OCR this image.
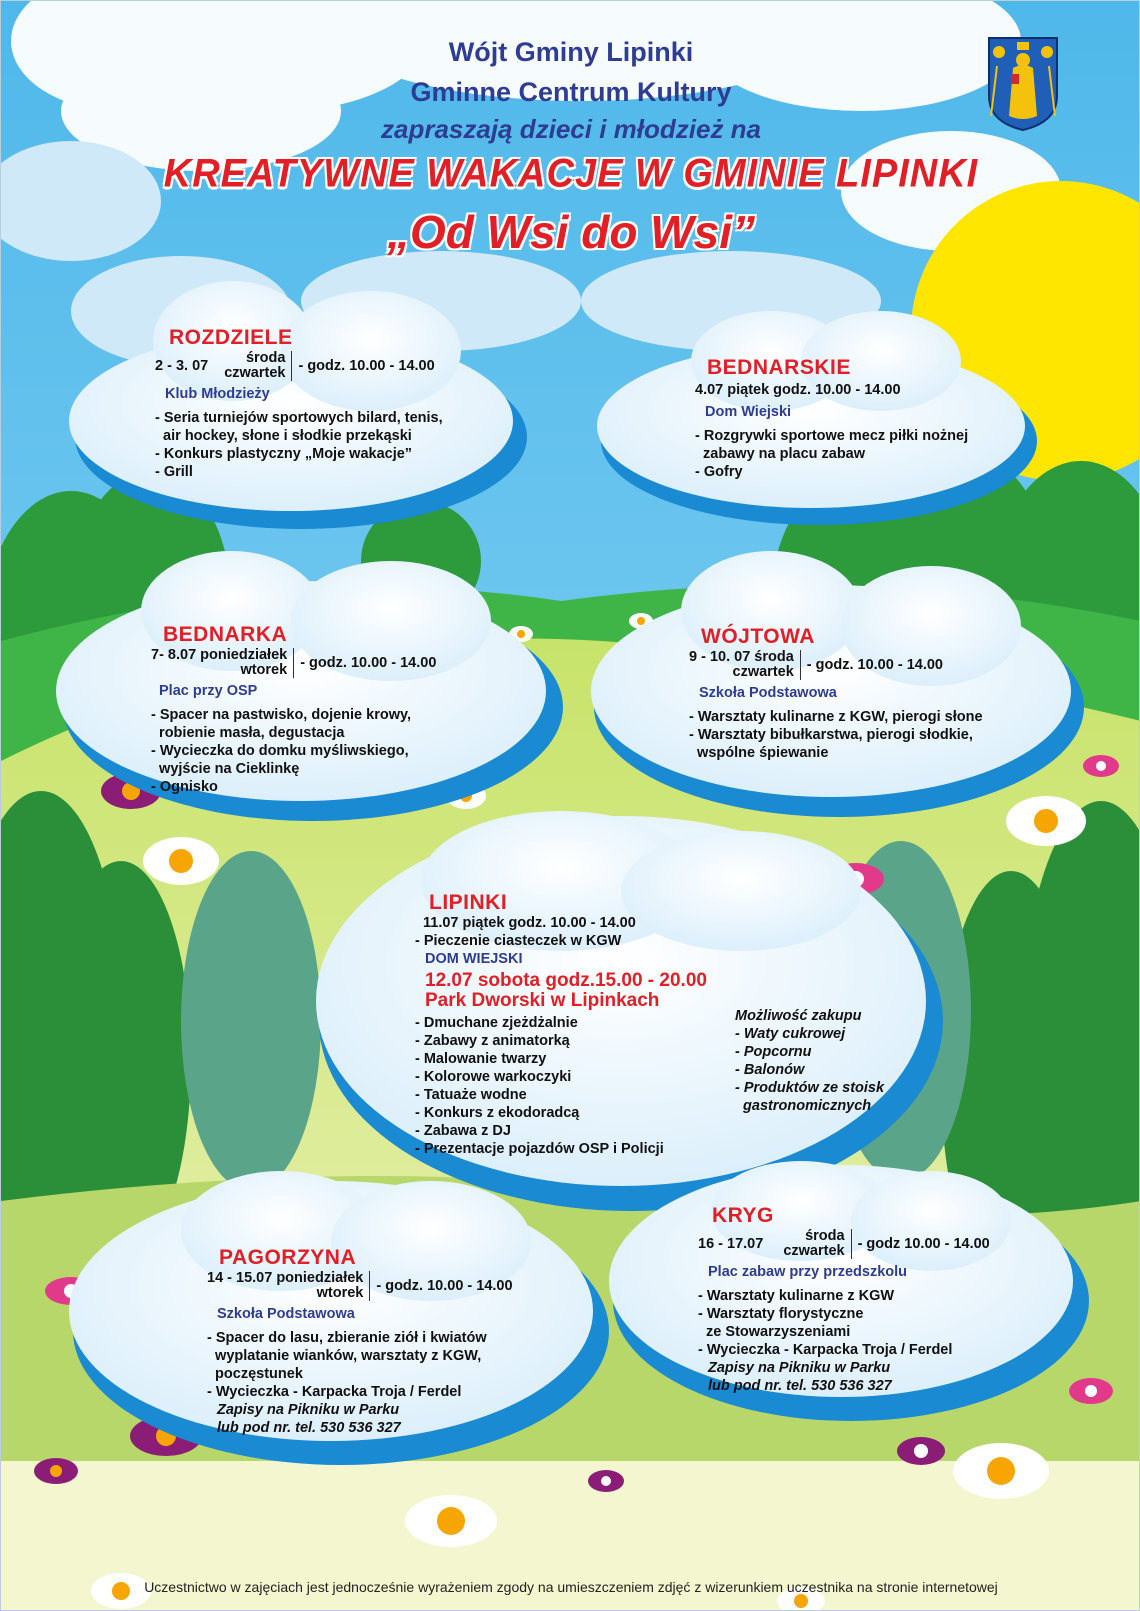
Wójt Gminy Lipinki
Gminne Centrum Kultury
zapraszają dzieci i młodzież na
KREATYWNE WAKACJE W GMINIE LIPINKI
„Od Wsi do Wsi”
ROZDZIELE
2 - 3. 07	środa
czwartek - godz. 10.00 - 14.00
Klub Młodzieży
- Seria turniejów sportowych bilard, tenis,
air hockey, słone i słodkie przekąski
- Konkurs plastyczny „Moje wakacje”
- Grill
BEDNARSKIE
4.07 piątek godz. 10.00 - 14.00
Dom Wiejski
- Rozgrywki sportowe mecz piłki nożnej
zabawy na placu zabaw
- Gofry
BEDNARKA
7- 8.07 poniedziałek
wtorek - godz. 10.00 - 14.00
Plac przy OSP
- Spacer na pastwisko, dojenie krowy,
robienie masła, degustacja
- Wycieczka do domku myśliwskiego,
wyjście na Cieklinkę
- Ognisko
WÓJTOWA
9 - 10. 07 środa
czwartek - godz. 10.00 - 14.00
Szkoła Podstawowa
- Warsztaty kulinarne z KGW, pierogi słone
- Warsztaty bibułkarstwa, pierogi słodkie,
wspólne śpiewanie
LIPINKI
11.07 piątek godz. 10.00 - 14.00
- Pieczenie ciasteczek w KGW
DOM WIEJSKI
12.07 sobota godz.15.00 - 20.00
Park Dworski w Lipinkach
- Dmuchane zjeżdżalnie
- Zabawy z animatorką
- Malowanie twarzy
- Kolorowe warkoczyki
- Tatuaże wodne
- Konkurs z ekodoradcą
- Zabawa z DJ
- Prezentacje pojazdów OSP i Policji
Możliwość zakupu
- Waty cukrowej
- Popcornu
- Balonów
- Produktów ze stoisk
gastronomicznych
KRYG
16 - 17.07	środa
czwartek - godz 10.00 - 14.00
Plac zabaw przy przedszkolu
- Warsztaty kulinarne z KGW
- Warsztaty florystyczne
ze Stowarzyszeniami
- Wycieczka - Karpacka Troja / Ferdel
Zapisy na Pikniku w Parku
lub pod nr. tel. 530 536 327
PAGORZYNA
14 - 15.07 poniedziałek
wtorek - godz. 10.00 - 14.00
Szkoła Podstawowa
- Spacer do lasu, zbieranie ziół i kwiatów
wyplatanie wianków, warsztaty z KGW,
poczęstunek
- Wycieczka - Karpacka Troja / Ferdel
Zapisy na Pikniku w Parku
lub pod nr. tel. 530 536 327
Uczestnictwo w zajęciach jest jednocześnie wyrażeniem zgody na umieszczeniem zdjęć z wizerunkiem uczestnika na stronie internetowej
